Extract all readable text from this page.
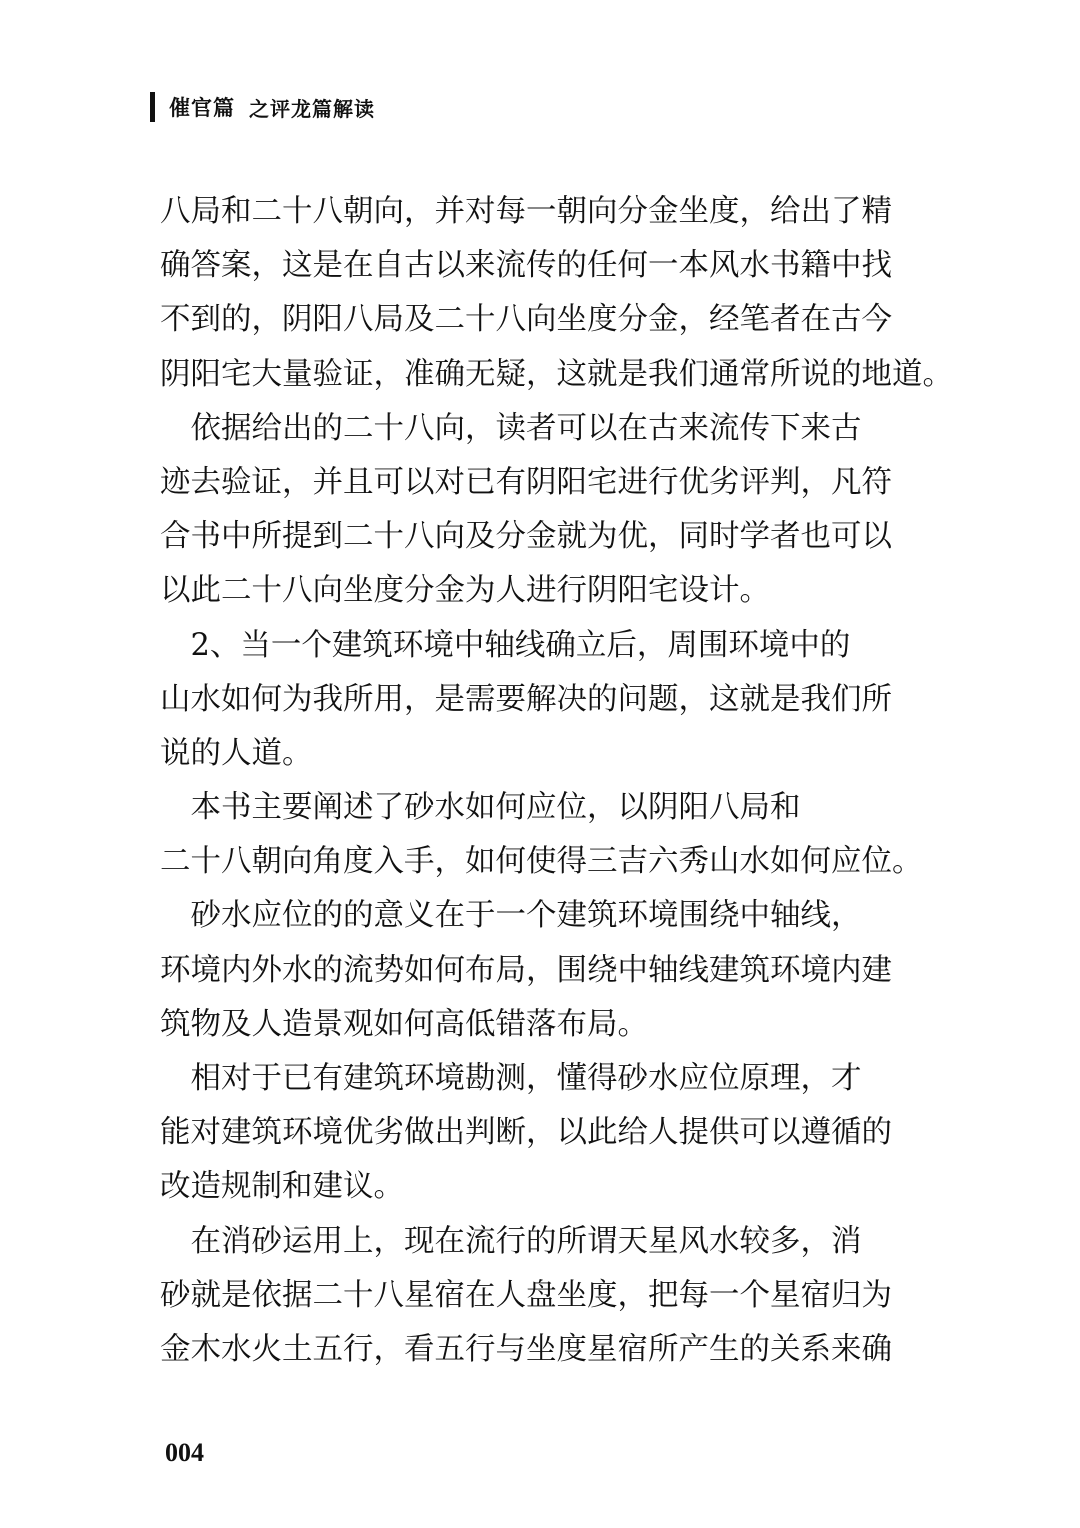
催官篇 之评龙篇解读
八局和二十八朝向，并对每一朝向分金坐度，给出了精
确答案，这是在自古以来流传的任何一本风水书籍中找
不到的，阴阳八局及二十八向坐度分金，经笔者在古今
阴阳宅大量验证，准确无疑，这就是我们通常所说的地道。
　依据给出的二十八向，读者可以在古来流传下来古
迹去验证，并且可以对已有阴阳宅进行优劣评判，凡符
合书中所提到二十八向及分金就为优，同时学者也可以
以此二十八向坐度分金为人进行阴阳宅设计。
　2、当一个建筑环境中轴线确立后，周围环境中的
山水如何为我所用，是需要解决的问题，这就是我们所
说的人道。
　本书主要阐述了砂水如何应位，以阴阳八局和
二十八朝向角度入手，如何使得三吉六秀山水如何应位。
　砂水应位的的意义在于一个建筑环境围绕中轴线，
环境内外水的流势如何布局，围绕中轴线建筑环境内建
筑物及人造景观如何高低错落布局。
　相对于已有建筑环境勘测，懂得砂水应位原理，才
能对建筑环境优劣做出判断，以此给人提供可以遵循的
改造规制和建议。
　在消砂运用上，现在流行的所谓天星风水较多，消
砂就是依据二十八星宿在人盘坐度，把每一个星宿归为
金木水火土五行，看五行与坐度星宿所产生的关系来确
004
